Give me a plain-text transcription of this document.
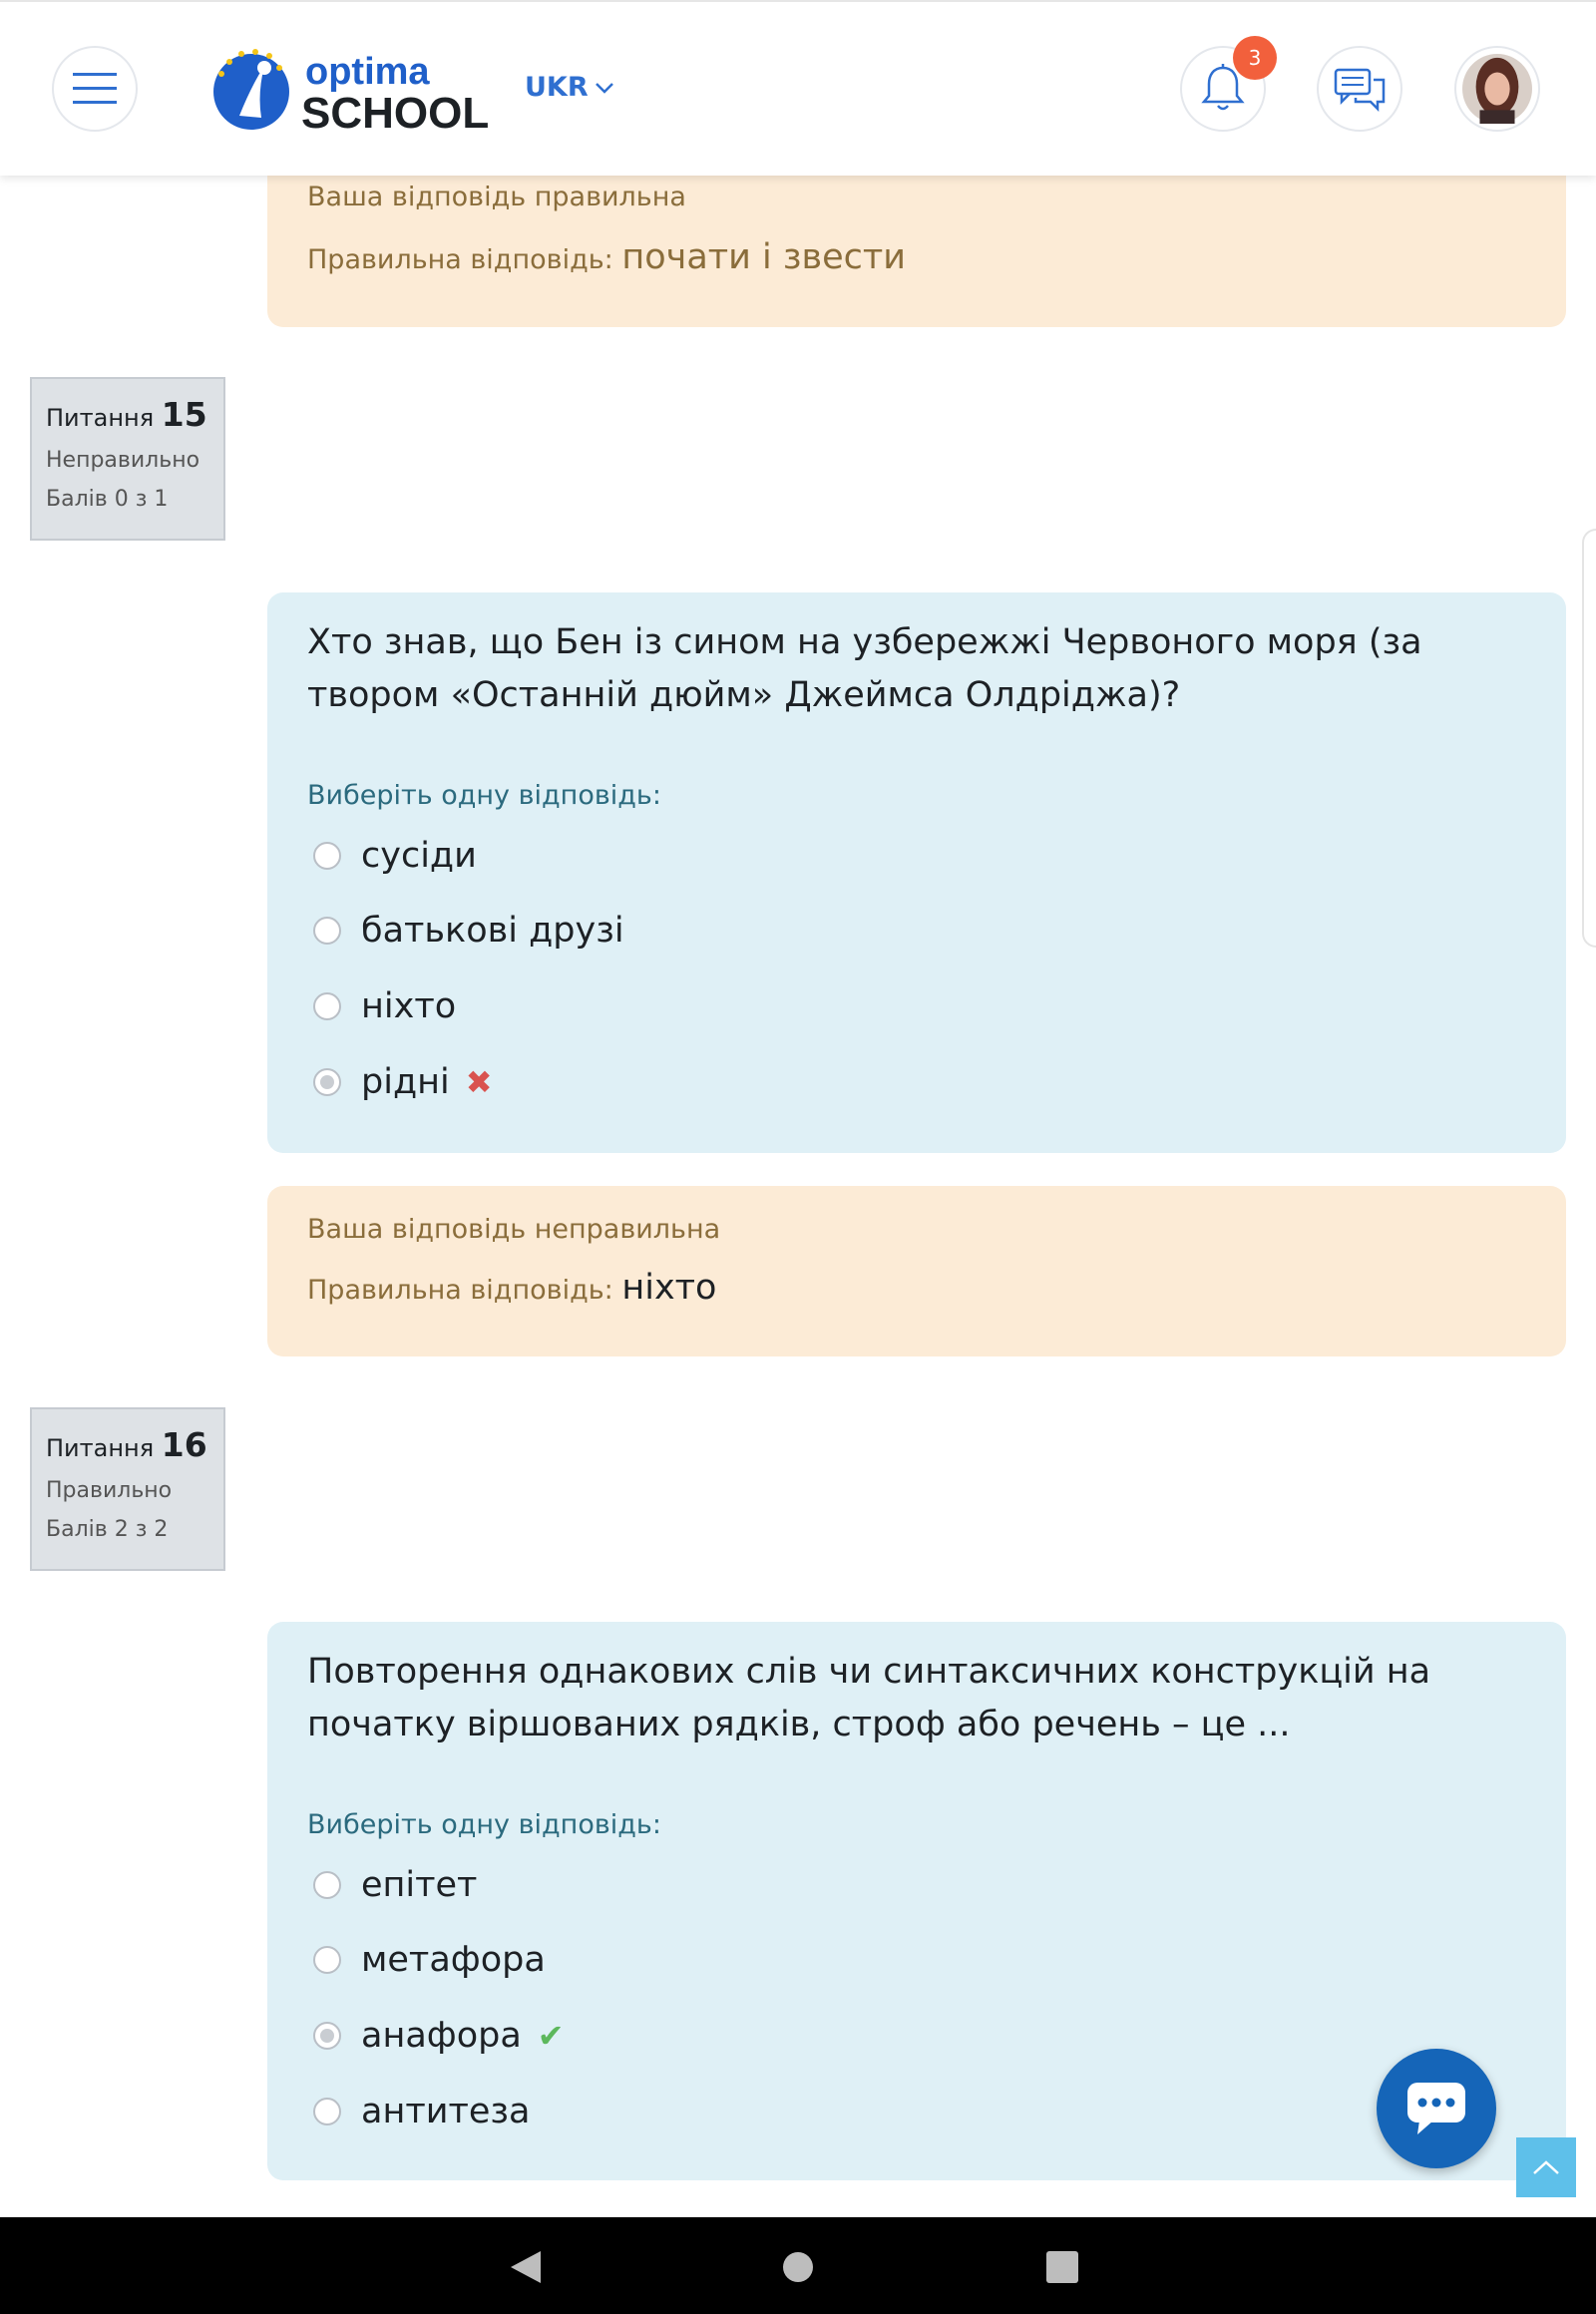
optima
SCHOOL
UKR
3
Ваша відповідь правильна
Правильна відповідь: почати і звести
Питання 15
Неправильно
Балів 0 з 1
Хто знав, що Бен із сином на узбережжі Червоного моря (за твором «Останній дюйм» Джеймса Олдріджа)?
Виберіть одну відповідь:
сусіди
батькові друзі
ніхто
рідні ✖
Ваша відповідь неправильна
Правильна відповідь: ніхто
Питання 16
Правильно
Балів 2 з 2
Повторення однакових слів чи синтаксичних конструкцій на початку віршованих рядків, строф або речень – це ...
Виберіть одну відповідь:
епітет
метафора
анафора ✔
антитеза
